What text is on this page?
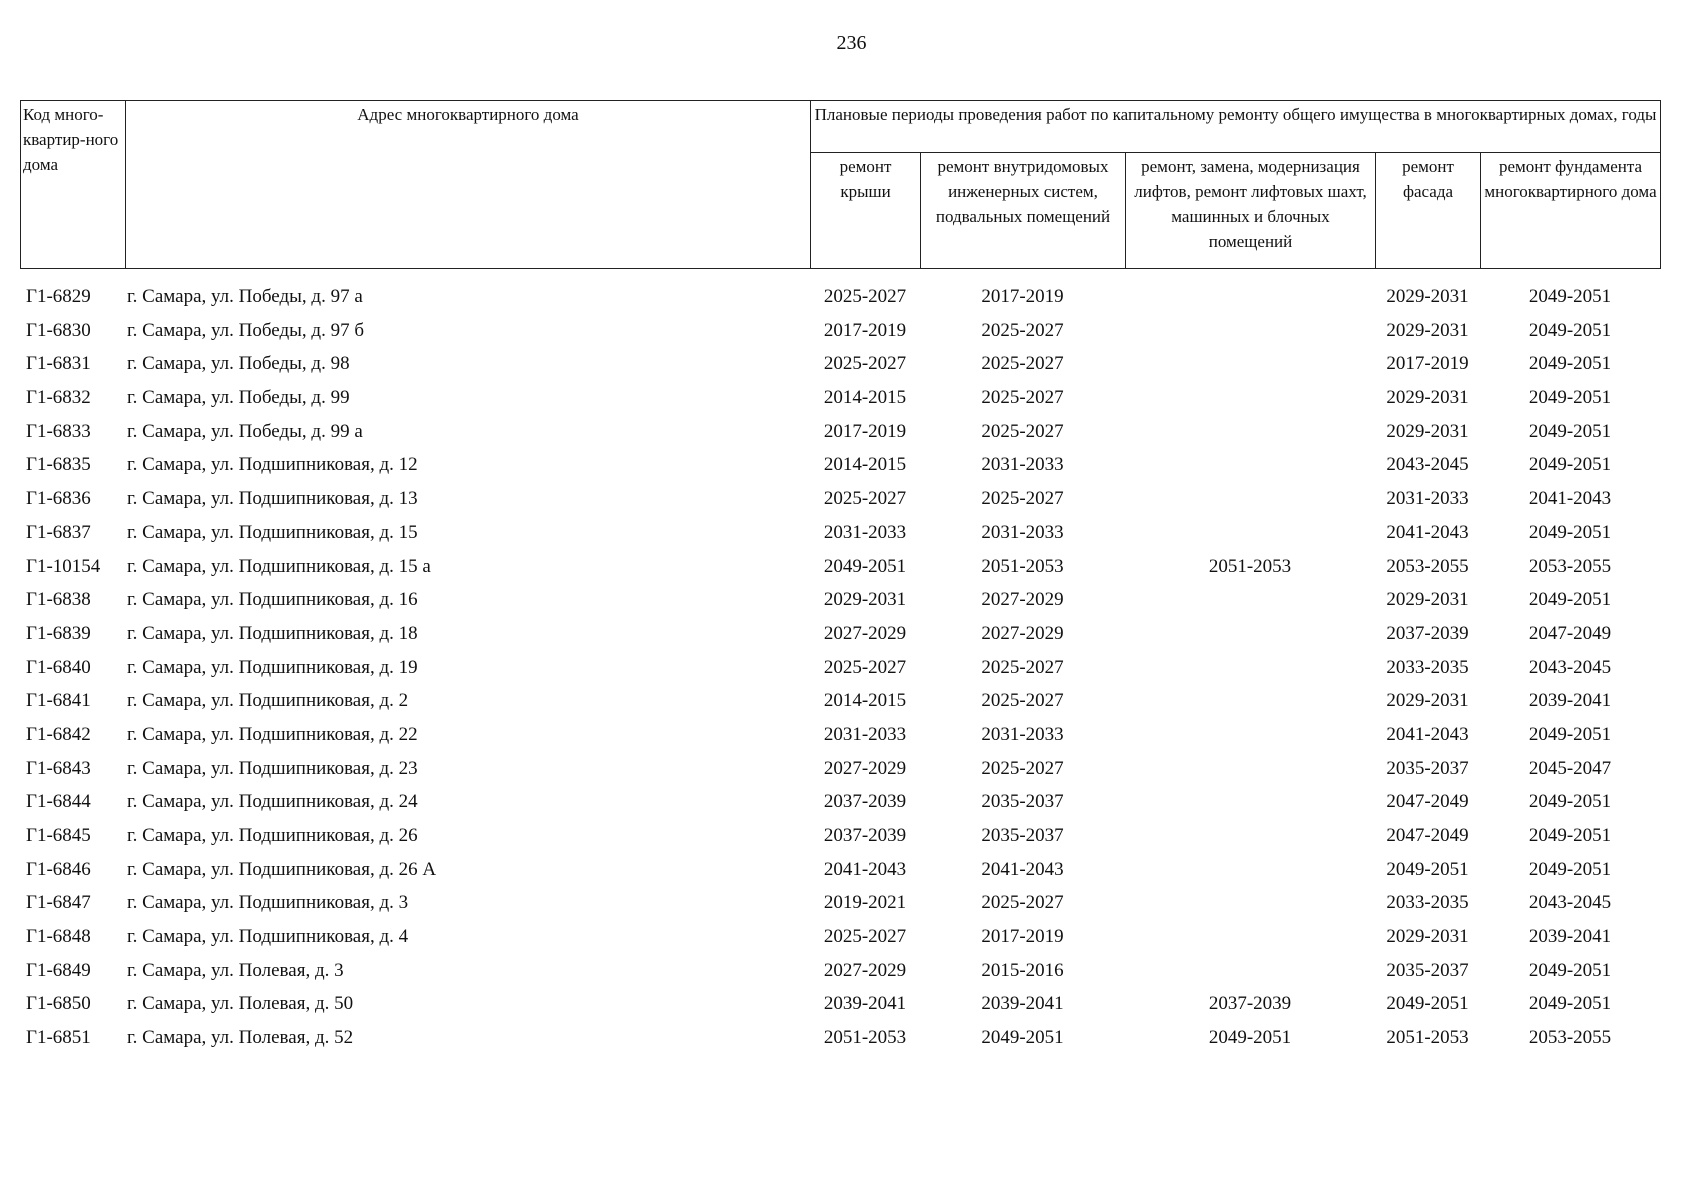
236
Код много-квартир-ного дома	Адрес многоквартирного дома	Плановые периоды проведения работ по капитальному ремонту общего имущества в многоквартирных домах, годы				
		ремонт крыши	ремонт внутридомовых инженерных систем, подвальных помещений	ремонт, замена, модернизация лифтов, ремонт лифтовых шахт, машинных и блочных помещений	ремонт фасада	ремонт фундамента многоквартирного дома
Г1-6829	г. Самара, ул. Победы, д. 97 а	2025-2027	2017-2019		2029-2031	2049-2051
Г1-6830	г. Самара, ул. Победы, д. 97 б	2017-2019	2025-2027		2029-2031	2049-2051
Г1-6831	г. Самара, ул. Победы, д. 98	2025-2027	2025-2027		2017-2019	2049-2051
Г1-6832	г. Самара, ул. Победы, д. 99	2014-2015	2025-2027		2029-2031	2049-2051
Г1-6833	г. Самара, ул. Победы, д. 99 а	2017-2019	2025-2027		2029-2031	2049-2051
Г1-6835	г. Самара, ул. Подшипниковая, д. 12	2014-2015	2031-2033		2043-2045	2049-2051
Г1-6836	г. Самара, ул. Подшипниковая, д. 13	2025-2027	2025-2027		2031-2033	2041-2043
Г1-6837	г. Самара, ул. Подшипниковая, д. 15	2031-2033	2031-2033		2041-2043	2049-2051
Г1-10154	г. Самара, ул. Подшипниковая, д. 15 а	2049-2051	2051-2053	2051-2053	2053-2055	2053-2055
Г1-6838	г. Самара, ул. Подшипниковая, д. 16	2029-2031	2027-2029		2029-2031	2049-2051
Г1-6839	г. Самара, ул. Подшипниковая, д. 18	2027-2029	2027-2029		2037-2039	2047-2049
Г1-6840	г. Самара, ул. Подшипниковая, д. 19	2025-2027	2025-2027		2033-2035	2043-2045
Г1-6841	г. Самара, ул. Подшипниковая, д. 2	2014-2015	2025-2027		2029-2031	2039-2041
Г1-6842	г. Самара, ул. Подшипниковая, д. 22	2031-2033	2031-2033		2041-2043	2049-2051
Г1-6843	г. Самара, ул. Подшипниковая, д. 23	2027-2029	2025-2027		2035-2037	2045-2047
Г1-6844	г. Самара, ул. Подшипниковая, д. 24	2037-2039	2035-2037		2047-2049	2049-2051
Г1-6845	г. Самара, ул. Подшипниковая, д. 26	2037-2039	2035-2037		2047-2049	2049-2051
Г1-6846	г. Самара, ул. Подшипниковая, д. 26 А	2041-2043	2041-2043		2049-2051	2049-2051
Г1-6847	г. Самара, ул. Подшипниковая, д. 3	2019-2021	2025-2027		2033-2035	2043-2045
Г1-6848	г. Самара, ул. Подшипниковая, д. 4	2025-2027	2017-2019		2029-2031	2039-2041
Г1-6849	г. Самара, ул. Полевая, д. 3	2027-2029	2015-2016		2035-2037	2049-2051
Г1-6850	г. Самара, ул. Полевая, д. 50	2039-2041	2039-2041	2037-2039	2049-2051	2049-2051
Г1-6851	г. Самара, ул. Полевая, д. 52	2051-2053	2049-2051	2049-2051	2051-2053	2053-2055
